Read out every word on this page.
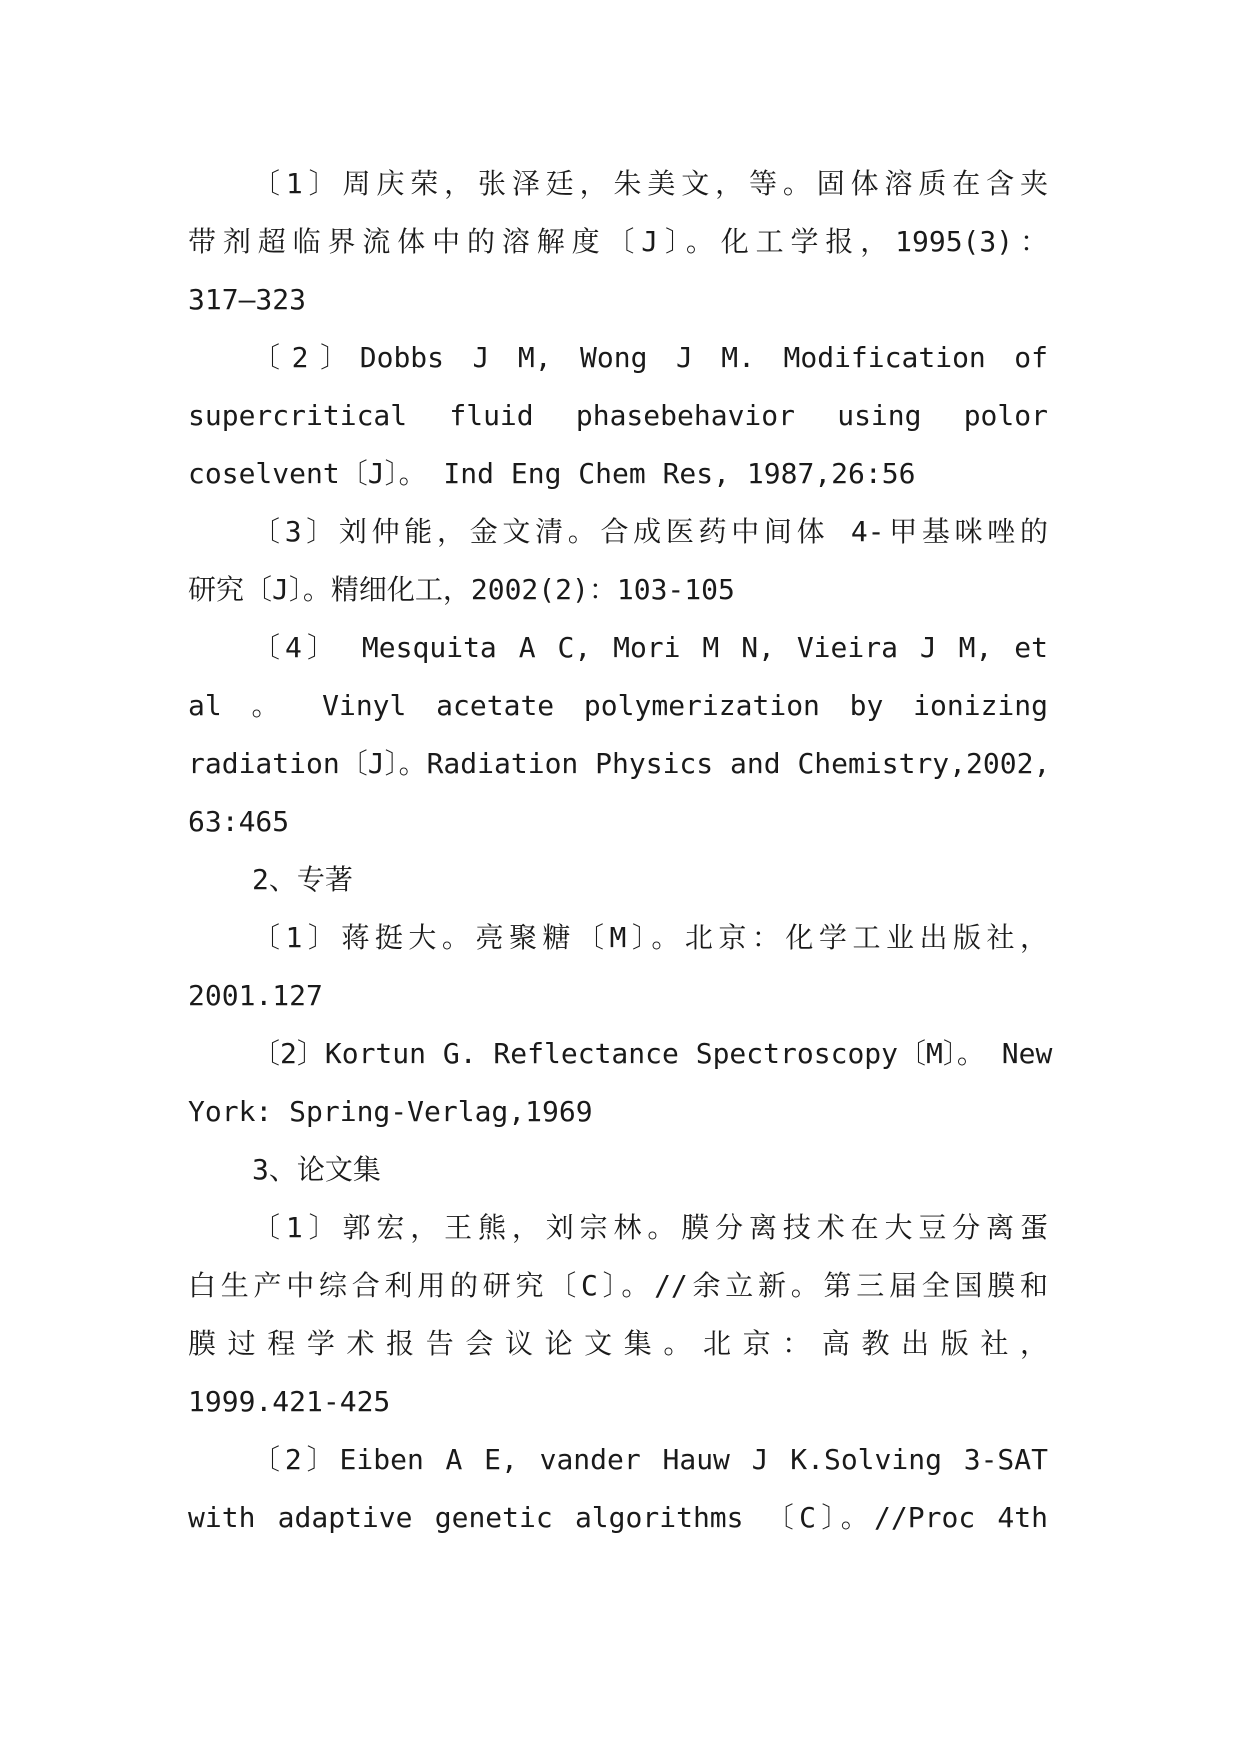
〔1〕周庆荣，张泽廷，朱美文，等。固体溶质在含夹
带剂超临界流体中的溶解度〔J〕。化工学报，1995(3)：
317—323
〔2〕Dobbs J M, Wong J M. Modification of
supercritical fluid phasebehavior using polor
coselvent〔J〕。 Ind Eng Chem Res, 1987,26:56
〔3〕刘仲能，金文清。合成医药中间体 4-甲基咪唑的
研究〔J〕。精细化工，2002(2)：103-105
〔4〕 Mesquita A C, Mori M N, Vieira J M, et
al 。 Vinyl acetate polymerization by ionizing
radiation〔J〕。Radiation Physics and Chemistry,2002,
63:465
2、专著
〔1〕蒋挺大。亮聚糖〔M〕。北京：化学工业出版社，
2001.127
〔2〕Kortun G. Reflectance Spectroscopy〔M〕。 New
York: Spring-Verlag,1969
3、论文集
〔1〕郭宏，王熊，刘宗林。膜分离技术在大豆分离蛋
白生产中综合利用的研究〔C〕。//余立新。第三届全国膜和
膜过程学术报告会议论文集。北京：高教出版社，
1999.421-425
〔2〕Eiben A E, vander Hauw J K.Solving 3-SAT
with adaptive genetic algorithms 〔C〕。//Proc 4th
